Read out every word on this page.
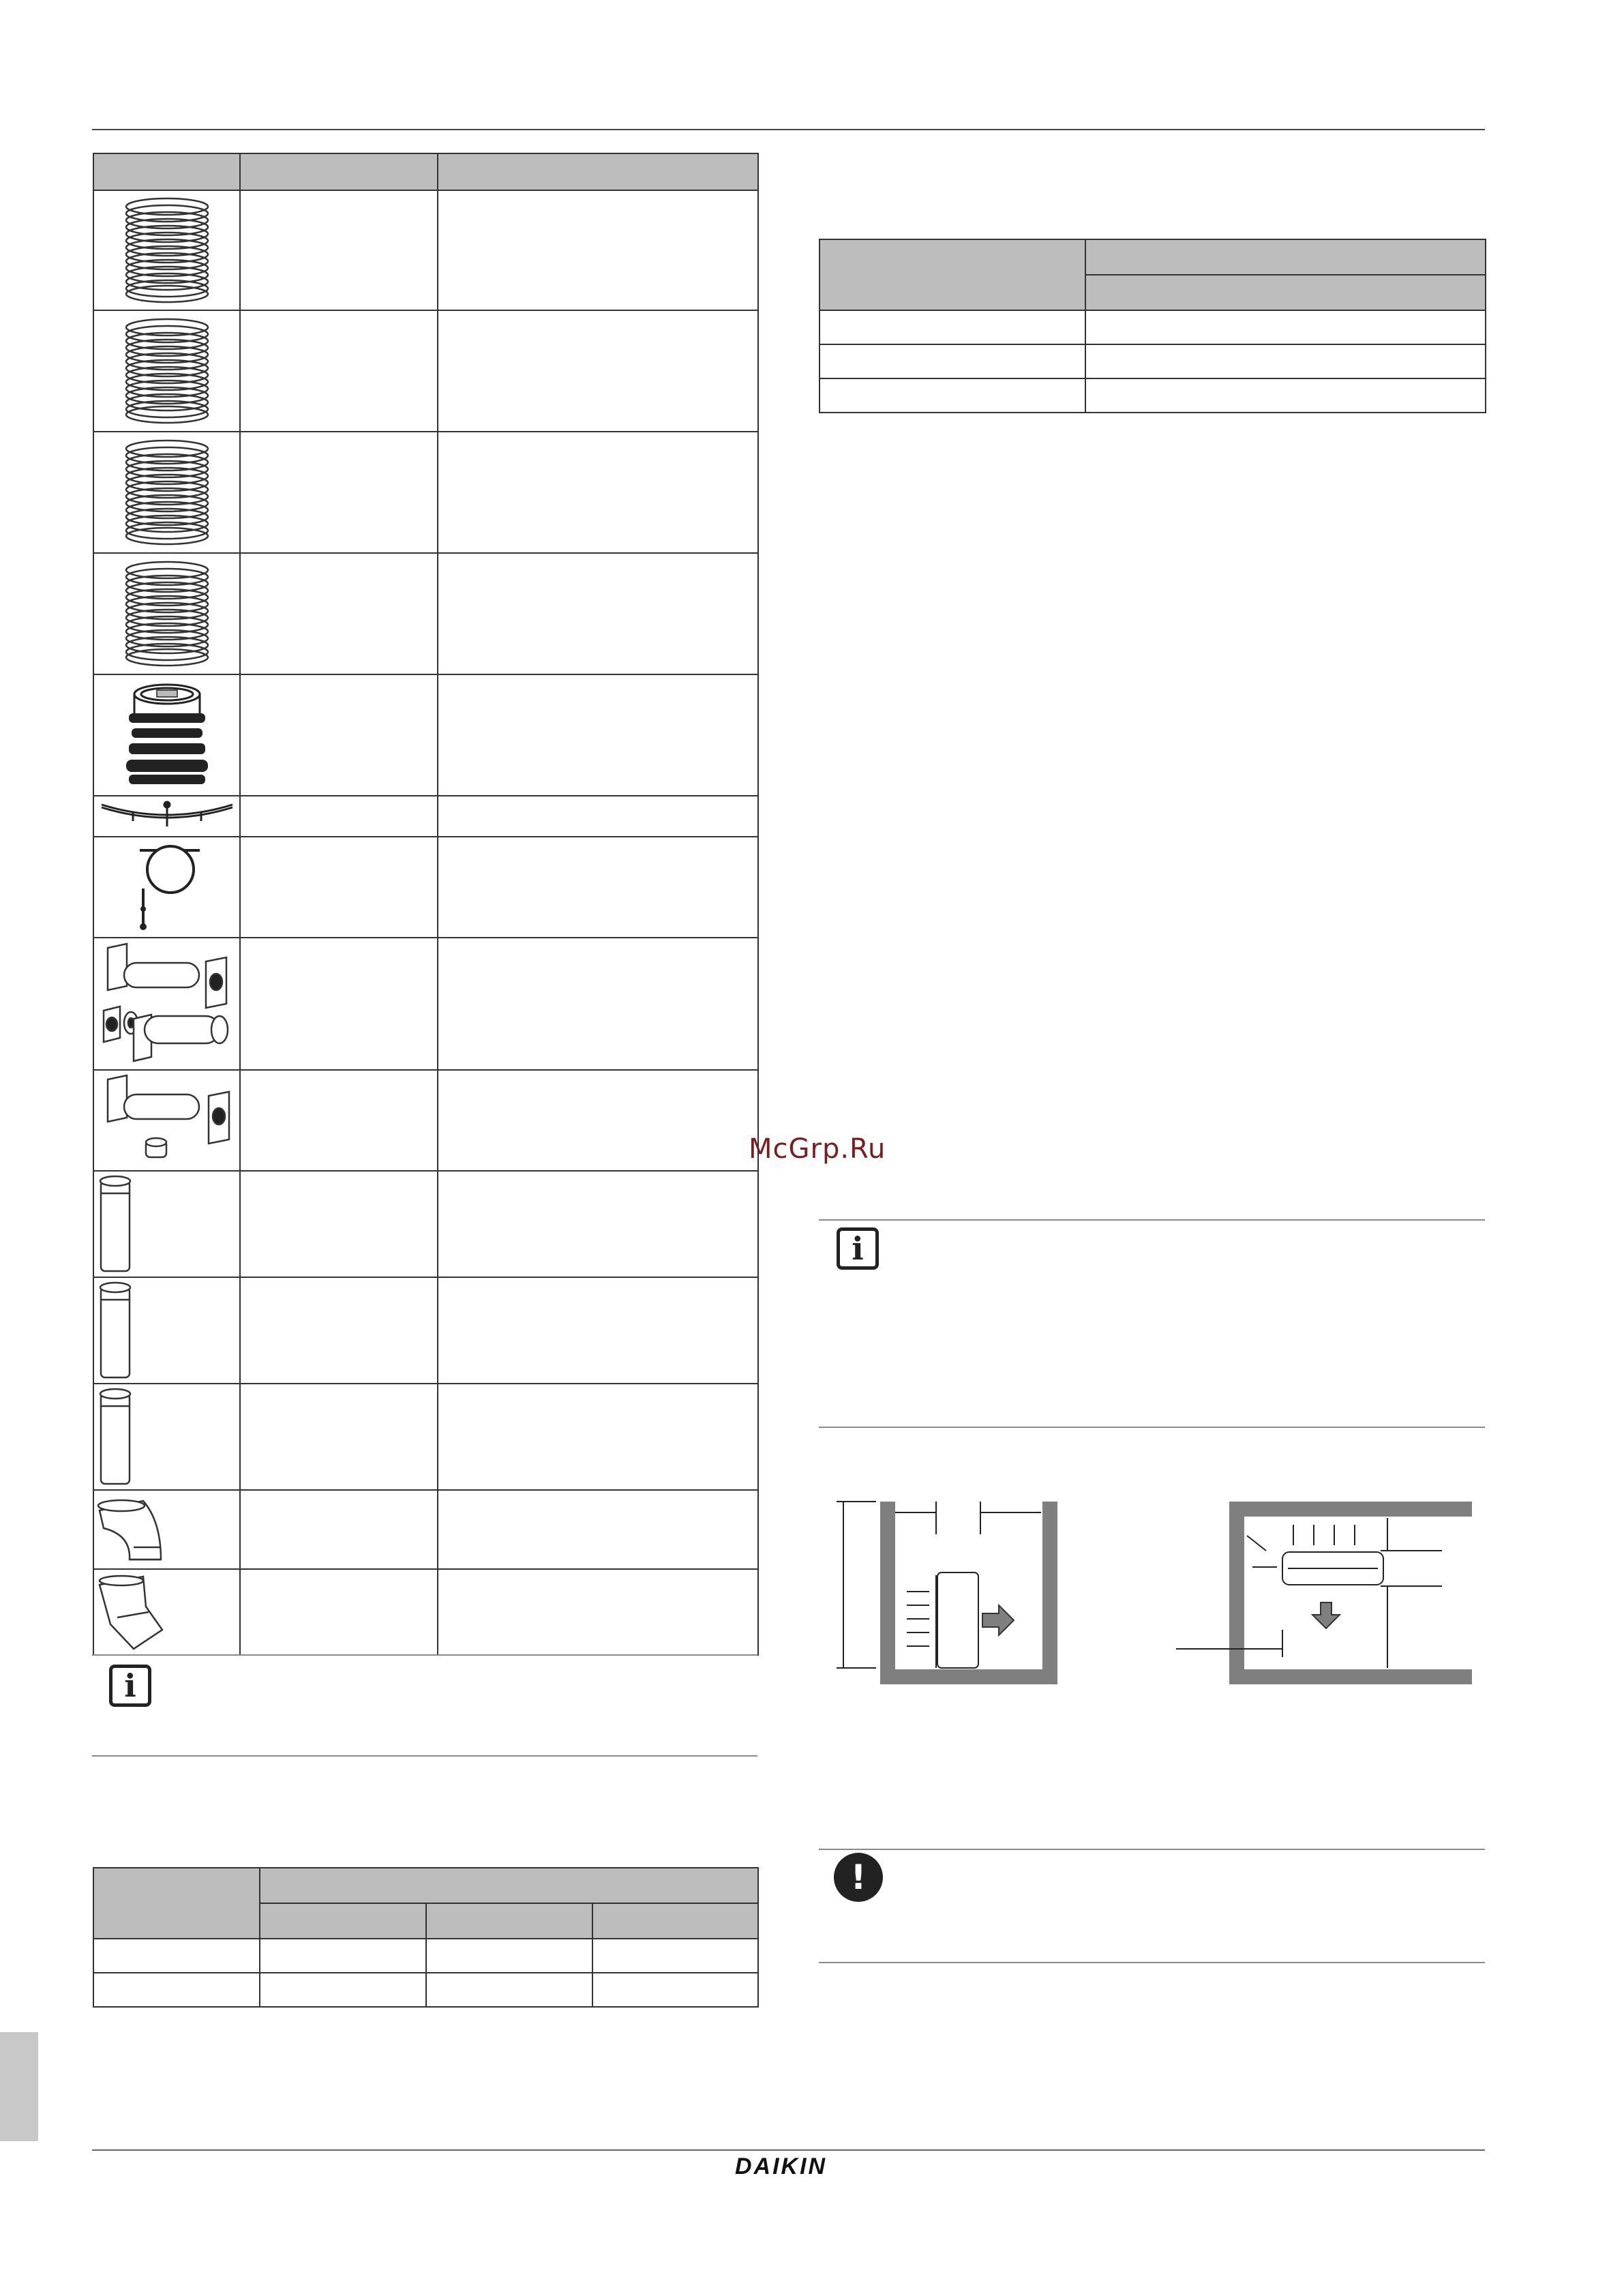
i

McGrp.Ru
i
!
DAIKIN
